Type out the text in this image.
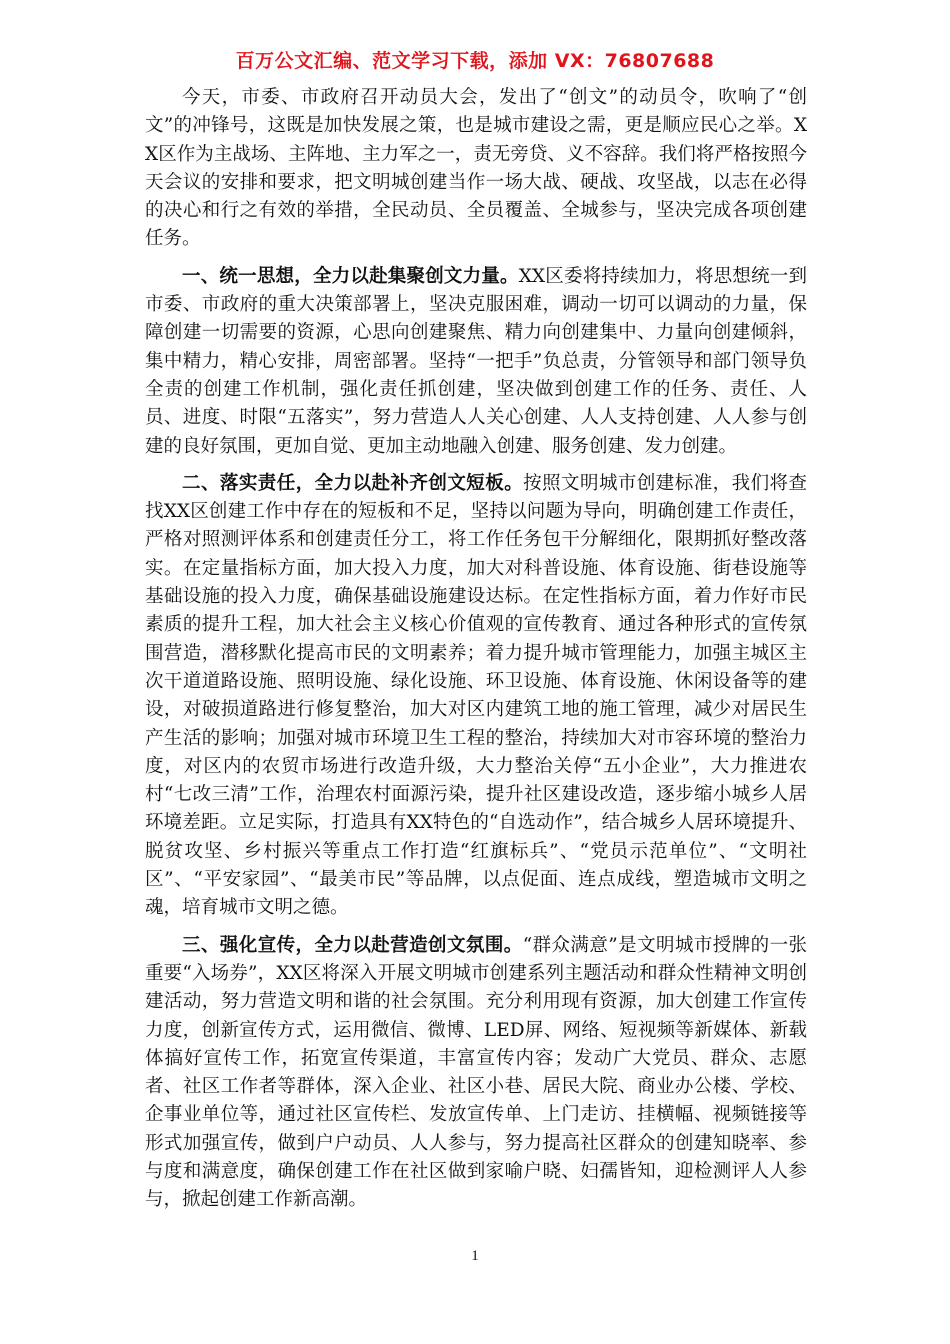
百万公文汇编、范文学习下载，添加 VX：76807688

今天，市委、市政府召开动员大会，发出了“创文”的动员令，吹响了“创文”的冲锋号，这既是加快发展之策，也是城市建设之需，更是顺应民心之举。XX区作为主战场、主阵地、主力军之一，责无旁贷、义不容辞。我们将严格按照今天会议的安排和要求，把文明城创建当作一场大战、硬战、攻坚战，以志在必得的决心和行之有效的举措，全民动员、全员覆盖、全城参与，坚决完成各项创建任务。

一、统一思想，全力以赴集聚创文力量。XX区委将持续加力，将思想统一到市委、市政府的重大决策部署上，坚决克服困难，调动一切可以调动的力量，保障创建一切需要的资源，心思向创建聚焦、精力向创建集中、力量向创建倾斜，集中精力，精心安排，周密部署。坚持“一把手”负总责，分管领导和部门领导负全责的创建工作机制，强化责任抓创建，坚决做到创建工作的任务、责任、人员、进度、时限“五落实”，努力营造人人关心创建、人人支持创建、人人参与创建的良好氛围，更加自觉、更加主动地融入创建、服务创建、发力创建。

二、落实责任，全力以赴补齐创文短板。按照文明城市创建标准，我们将查找XX区创建工作中存在的短板和不足，坚持以问题为导向，明确创建工作责任，严格对照测评体系和创建责任分工，将工作任务包干分解细化，限期抓好整改落实。在定量指标方面，加大投入力度，加大对科普设施、体育设施、街巷设施等基础设施的投入力度，确保基础设施建设达标。在定性指标方面，着力作好市民素质的提升工程，加大社会主义核心价值观的宣传教育、通过各种形式的宣传氛围营造，潜移默化提高市民的文明素养；着力提升城市管理能力，加强主城区主次干道道路设施、照明设施、绿化设施、环卫设施、体育设施、休闲设备等的建设，对破损道路进行修复整治，加大对区内建筑工地的施工管理，减少对居民生产生活的影响；加强对城市环境卫生工程的整治，持续加大对市容环境的整治力度，对区内的农贸市场进行改造升级，大力整治关停“五小企业”，大力推进农村“七改三清”工作，治理农村面源污染，提升社区建设改造，逐步缩小城乡人居环境差距。立足实际，打造具有XX特色的“自选动作”，结合城乡人居环境提升、脱贫攻坚、乡村振兴等重点工作打造“红旗标兵”、“党员示范单位”、“文明社区”、“平安家园”、“最美市民”等品牌，以点促面、连点成线，塑造城市文明之魂，培育城市文明之德。

三、强化宣传，全力以赴营造创文氛围。“群众满意”是文明城市授牌的一张重要“入场券”，XX区将深入开展文明城市创建系列主题活动和群众性精神文明创建活动，努力营造文明和谐的社会氛围。充分利用现有资源，加大创建工作宣传力度，创新宣传方式，运用微信、微博、LED屏、网络、短视频等新媒体、新载体搞好宣传工作，拓宽宣传渠道，丰富宣传内容；发动广大党员、群众、志愿者、社区工作者等群体，深入企业、社区小巷、居民大院、商业办公楼、学校、企事业单位等，通过社区宣传栏、发放宣传单、上门走访、挂横幅、视频链接等形式加强宣传，做到户户动员、人人参与，努力提高社区群众的创建知晓率、参与度和满意度，确保创建工作在社区做到家喻户晓、妇孺皆知，迎检测评人人参与，掀起创建工作新高潮。

1
